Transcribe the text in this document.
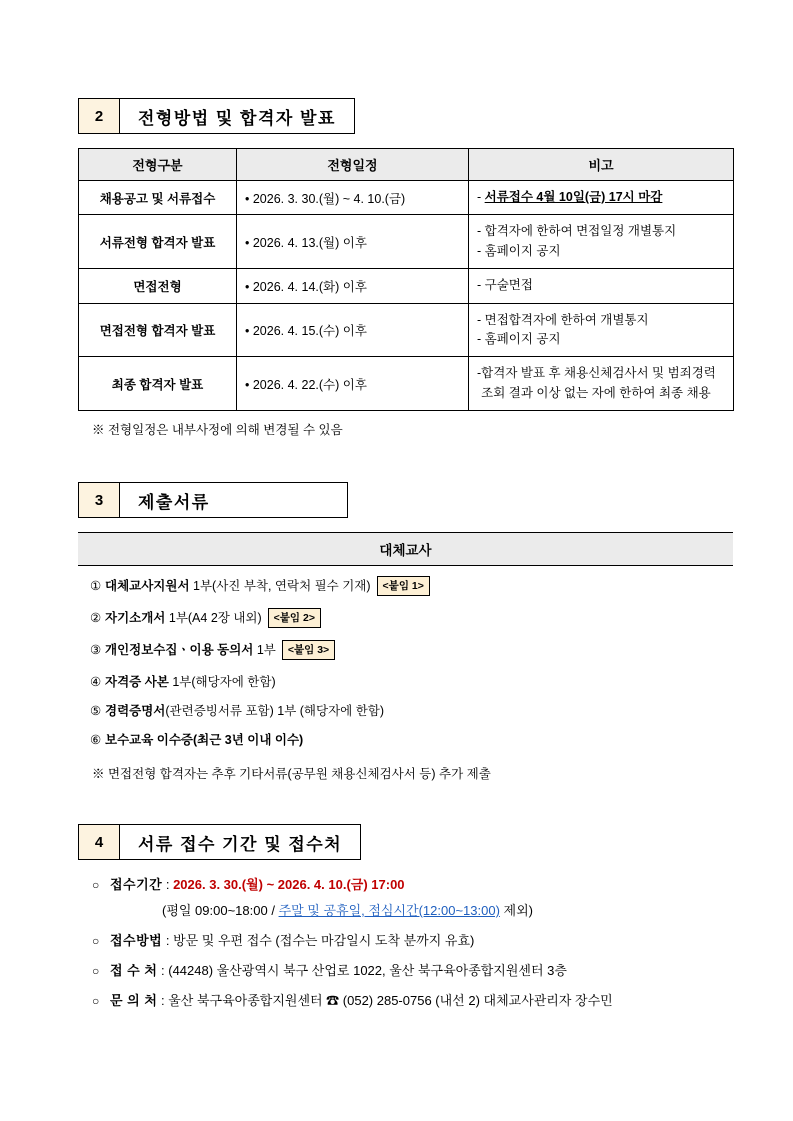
2	전형방법 및 합격자 발표
전형구분	전형일정	비고
채용공고 및 서류접수	• 2026. 3. 30.(월) ~ 4. 10.(금)	- 서류접수 4월 10일(금) 17시 마감

서류전형 합격자 발표	• 2026. 4. 13.(월) 이후	- 합격자에 한하여 면접일정 개별통지
- 홈페이지 공지

면접전형	• 2026. 4. 14.(화) 이후	- 구술면접

면접전형 합격자 발표	• 2026. 4. 15.(수) 이후	- 면접합격자에 한하여 개별통지
- 홈페이지 공지

최종 합격자 발표	• 2026. 4. 22.(수) 이후	- 합격자 발표 후 채용신체검사서 및 범죄경력조회 결과 이상 없는 자에 한하여 최종 채용
※ 전형일정은 내부사정에 의해 변경될 수 있음
3	제출서류
대체교사
① 대체교사지원서 1부(사진 부착, 연락처 필수 기재) <붙임 1>
② 자기소개서 1부(A4 2장 내외) <붙임 2>
③ 개인정보수집ㆍ이용 동의서 1부 <붙임 3>
④ 자격증 사본 1부(해당자에 한함)
⑤ 경력증명서(관련증빙서류 포함) 1부 (해당자에 한함)
⑥ 보수교육 이수증(최근 3년 이내 이수)
※ 면접전형 합격자는 추후 기타서류(공무원 채용신체검사서 등) 추가 제출
4	서류 접수 기간 및 접수처
○ 접수기간 : 2026. 3. 30.(월) ~ 2026. 4. 10.(금) 17:00
(평일 09:00~18:00 / 주말 및 공휴일, 점심시간(12:00~13:00) 제외)
○ 접수방법 : 방문 및 우편 접수 (접수는 마감일시 도착 분까지 유효)
○ 접 수 처 : (44248) 울산광역시 북구 산업로 1022, 울산 북구육아종합지원센터 3층
○ 문 의 처 : 울산 북구육아종합지원센터 ☎ (052) 285-0756 (내선 2) 대체교사관리자 장수민
